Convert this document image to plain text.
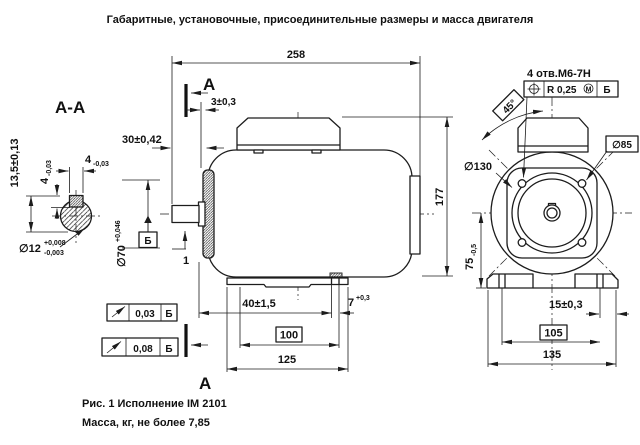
Габаритные, установочные, присоединительные размеры и масса двигателя
А-А
13,5±0,13 4
-0,03
4 -0,03
∅12 +0,008
-0,003
258
А
А
3±0,3
30±0,42
∅70
+0,046 Б
1
177
40±1,5	7 +0,3
100
125
0,03 Б
0,08 Б
4 отв.М6-7Н
R 0,25 М Б
45°
∅130
∅85
75
-0,5
15±0,3
105
135
Рис. 1 Исполнение IM 2101
Масса, кг, не более 7,85
